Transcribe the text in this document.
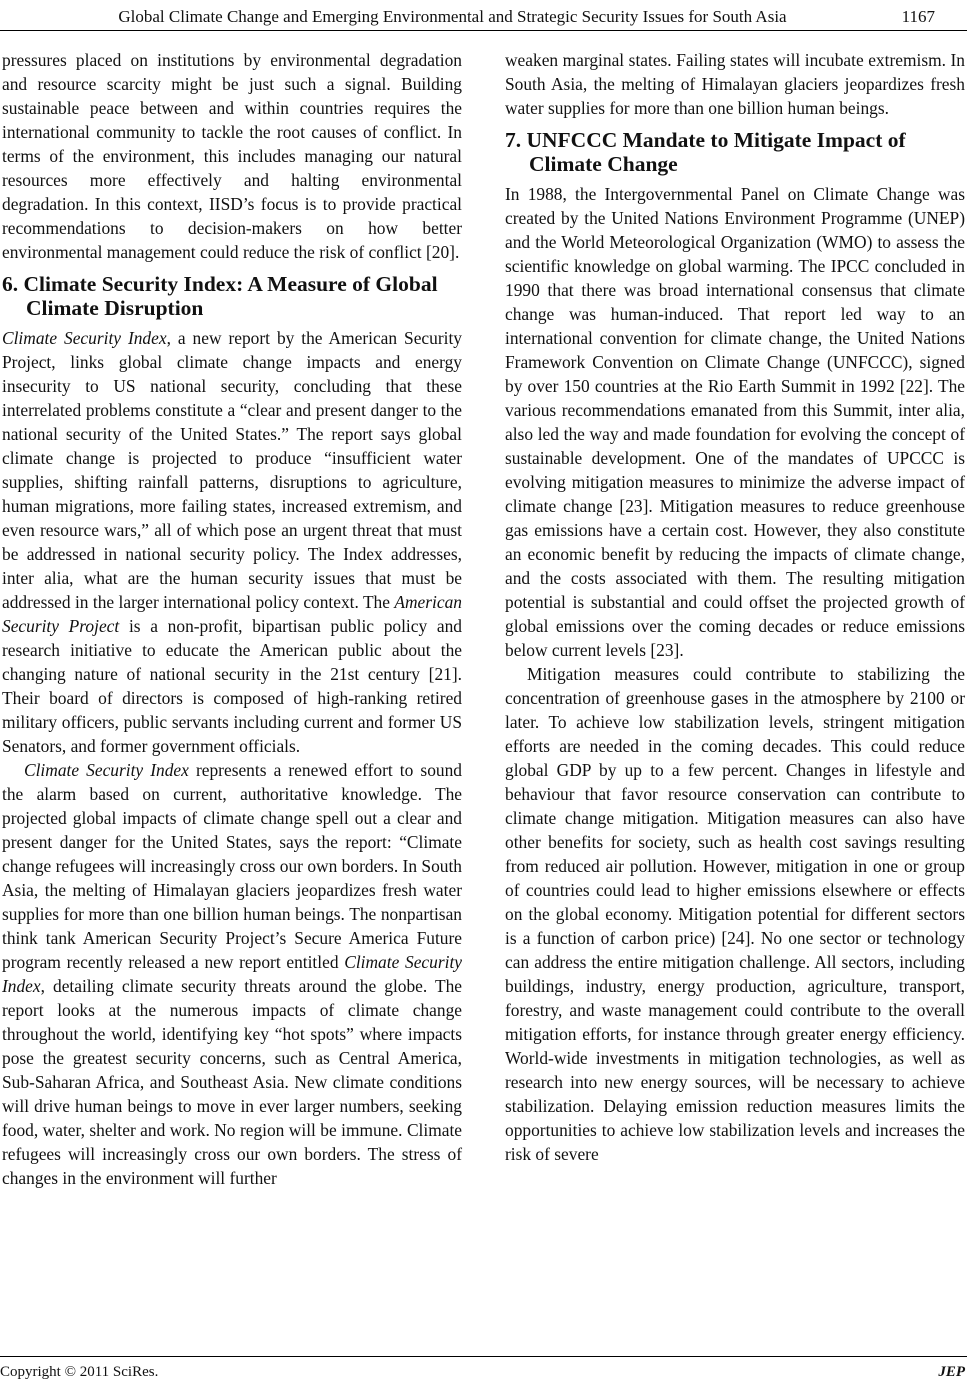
Global Climate Change and Emerging Environmental and Strategic Security Issues for South Asia	1167

pressures placed on institutions by environmental degradation and resource scarcity might be just such a signal. Building sustainable peace between and within countries requires the international community to tackle the root causes of conflict. In terms of the environment, this includes managing our natural resources more effectively and halting environmental degradation. In this context, IISD’s focus is to provide practical recommendations to decision-makers on how better environmental management could reduce the risk of conflict [20].

6. Climate Security Index: A Measure of Global Climate Disruption

Climate Security Index, a new report by the American Security Project, links global climate change impacts and energy insecurity to US national security, concluding that these interrelated problems constitute a “clear and present danger to the national security of the United States.” The report says global climate change is projected to produce “insufficient water supplies, shifting rainfall patterns, disruptions to agriculture, human migrations, more failing states, increased extremism, and even resource wars,” all of which pose an urgent threat that must be addressed in national security policy. The Index addresses, inter alia, what are the human security issues that must be addressed in the larger international policy context. The American Security Project is a non-profit, bipartisan public policy and research initiative to educate the American public about the changing nature of national security in the 21st century [21]. Their board of directors is composed of high-ranking retired military officers, public servants including current and former US Senators, and former government officials.

Climate Security Index represents a renewed effort to sound the alarm based on current, authoritative knowledge. The projected global impacts of climate change spell out a clear and present danger for the United States, says the report: “Climate change refugees will increasingly cross our own borders. In South Asia, the melting of Himalayan glaciers jeopardizes fresh water supplies for more than one billion human beings. The nonpartisan think tank American Security Project’s Secure America Future program recently released a new report entitled Climate Security Index, detailing climate security threats around the globe. The report looks at the numerous impacts of climate change throughout the world, identifying key “hot spots” where impacts pose the greatest security concerns, such as Central America, Sub-Saharan Africa, and Southeast Asia. New climate conditions will drive human beings to move in ever larger numbers, seeking food, water, shelter and work. No region will be immune. Climate refugees will increasingly cross our own borders. The stress of changes in the environment will further

weaken marginal states. Failing states will incubate extremism. In South Asia, the melting of Himalayan glaciers jeopardizes fresh water supplies for more than one billion human beings.

7. UNFCCC Mandate to Mitigate Impact of Climate Change

In 1988, the Intergovernmental Panel on Climate Change was created by the United Nations Environment Programme (UNEP) and the World Meteorological Organization (WMO) to assess the scientific knowledge on global warming. The IPCC concluded in 1990 that there was broad international consensus that climate change was human-induced. That report led way to an international convention for climate change, the United Nations Framework Convention on Climate Change (UNFCCC), signed by over 150 countries at the Rio Earth Summit in 1992 [22]. The various recommendations emanated from this Summit, inter alia, also led the way and made foundation for evolving the concept of sustainable development. One of the mandates of UPCCC is evolving mitigation measures to minimize the adverse impact of climate change [23]. Mitigation measures to reduce greenhouse gas emissions have a certain cost. However, they also constitute an economic benefit by reducing the impacts of climate change, and the costs associated with them. The resulting mitigation potential is substantial and could offset the projected growth of global emissions over the coming decades or reduce emissions below current levels [23].

Mitigation measures could contribute to stabilizing the concentration of greenhouse gases in the atmosphere by 2100 or later. To achieve low stabilization levels, stringent mitigation efforts are needed in the coming decades. This could reduce global GDP by up to a few percent. Changes in lifestyle and behaviour that favor resource conservation can contribute to climate change mitigation. Mitigation measures can also have other benefits for society, such as health cost savings resulting from reduced air pollution. However, mitigation in one or group of countries could lead to higher emissions elsewhere or effects on the global economy. Mitigation potential for different sectors is a function of carbon price) [24]. No one sector or technology can address the entire mitigation challenge. All sectors, including buildings, industry, energy production, agriculture, transport, forestry, and waste management could contribute to the overall mitigation efforts, for instance through greater energy efficiency. World-wide investments in mitigation technologies, as well as research into new energy sources, will be necessary to achieve stabilization. Delaying emission reduction measures limits the opportunities to achieve low stabilization levels and increases the risk of severe

Copyright © 2011 SciRes.	JEP
